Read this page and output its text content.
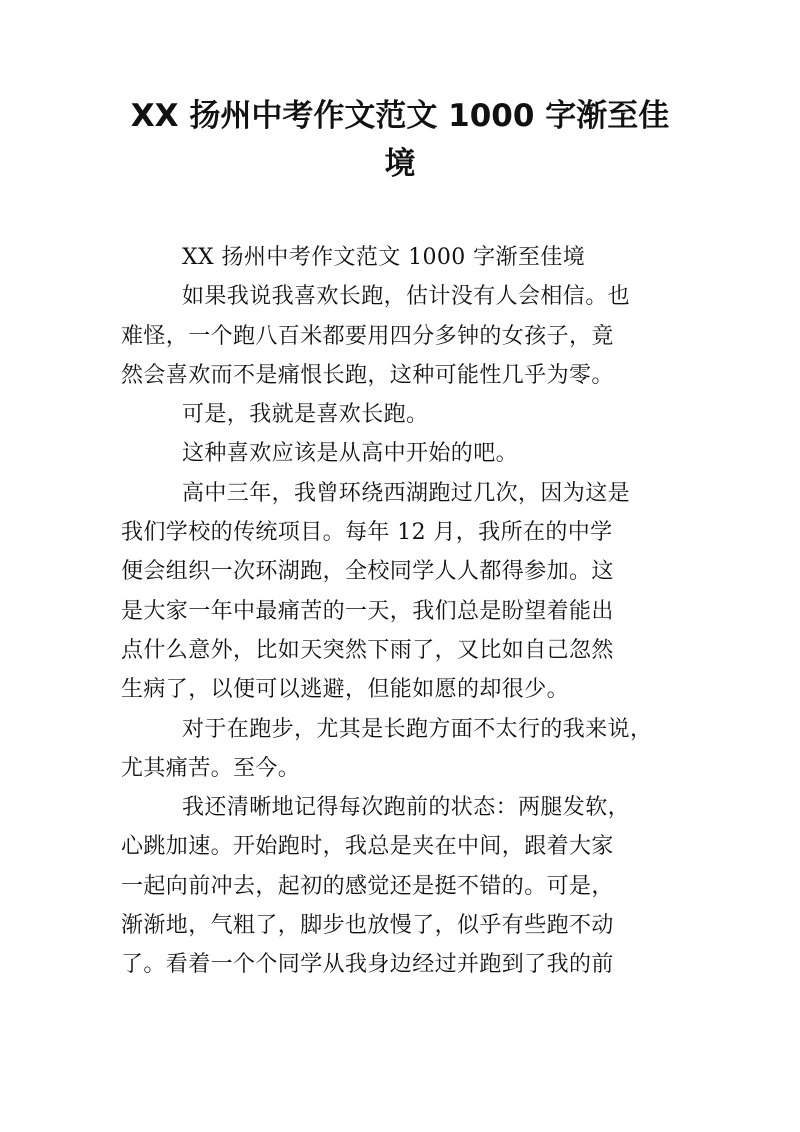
XX 扬州中考作文范文 1000 字渐至佳
境
XX 扬州中考作文范文 1000 字渐至佳境
如果我说我喜欢长跑，估计没有人会相信。也
难怪，一个跑八百米都要用四分多钟的女孩子，竟
然会喜欢而不是痛恨长跑，这种可能性几乎为零。
可是，我就是喜欢长跑。
这种喜欢应该是从高中开始的吧。
高中三年，我曾环绕西湖跑过几次，因为这是
我们学校的传统项目。每年 12 月，我所在的中学
便会组织一次环湖跑，全校同学人人都得参加。这
是大家一年中最痛苦的一天，我们总是盼望着能出
点什么意外，比如天突然下雨了，又比如自己忽然
生病了，以便可以逃避，但能如愿的却很少。
对于在跑步，尤其是长跑方面不太行的我来说，
尤其痛苦。至今。
我还清晰地记得每次跑前的状态：两腿发软，
心跳加速。开始跑时，我总是夹在中间，跟着大家
一起向前冲去，起初的感觉还是挺不错的。可是，
渐渐地，气粗了，脚步也放慢了，似乎有些跑不动
了。看着一个个同学从我身边经过并跑到了我的前
